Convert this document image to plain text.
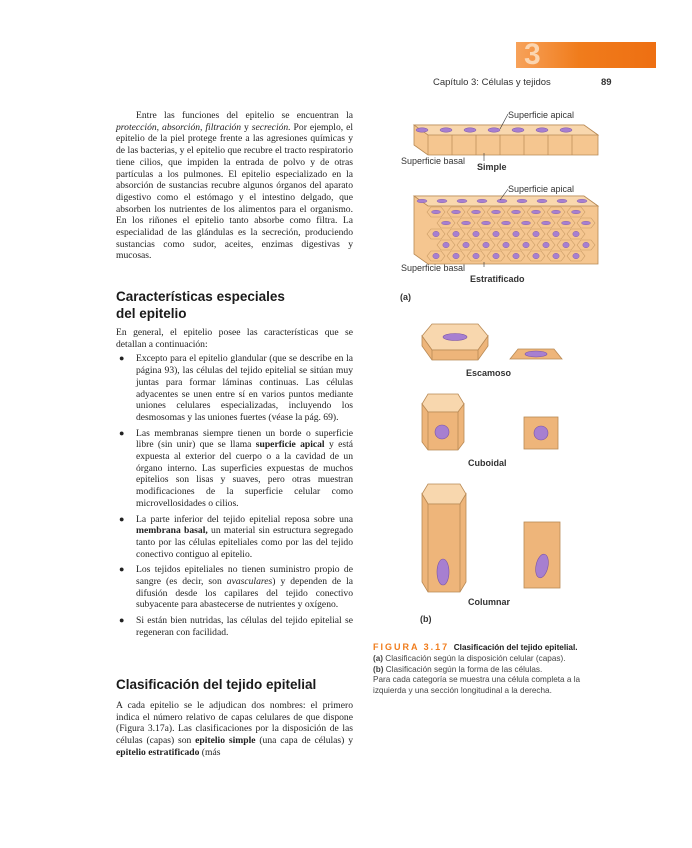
3
Capítulo 3: Células y tejidos	89

Entre las funciones del epitelio se encuentran la protección, absorción, filtración y secreción. Por ejemplo, el epitelio de la piel protege frente a las agresiones químicas y de las bacterias, y el epitelio que recubre el tracto respiratorio tiene cilios, que impiden la entrada de polvo y de otras partículas a los pulmones. El epitelio especializado en la absorción de sustancias recubre algunos órganos del aparato digestivo como el estómago y el intestino delgado, que absorben los nutrientes de los alimentos para el organismo. En los riñones el epitelio tanto absorbe como filtra. La especialidad de las glándulas es la secreción, produciendo sustancias como sudor, aceites, enzimas digestivas y mucosas.

Características especiales
del epitelio

En general, el epitelio posee las características que se detallan a continuación:

● Excepto para el epitelio glandular (que se describe en la página 93), las células del tejido epitelial se sitúan muy juntas para formar láminas continuas. Las células adyacentes se unen entre sí en varios puntos mediante uniones celulares especializadas, incluyendo los desmosomas y las uniones fuertes (véase la pág. 69).
● Las membranas siempre tienen un borde o superficie libre (sin unir) que se llama superficie apical y está expuesta al exterior del cuerpo o a la cavidad de un órgano interno. Las superficies expuestas de muchos epitelios son lisas y suaves, pero otras muestran modificaciones de la superficie celular como microvellosidades o cilios.
● La parte inferior del tejido epitelial reposa sobre una membrana basal, un material sin estructura segregado tanto por las células epiteliales como por las del tejido conectivo contiguo al epitelio.
● Los tejidos epiteliales no tienen suministro propio de sangre (es decir, son avasculares) y dependen de la difusión desde los capilares del tejido conectivo subyacente para abastecerse de nutrientes y oxígeno.
● Si están bien nutridas, las células del tejido epitelial se regeneran con facilidad.
Clasificación del tejido epitelial

A cada epitelio se le adjudican dos nombres: el primero indica el número relativo de capas celulares de que dispone (Figura 3.17a). Las clasificaciones por la disposición de las células (capas) son epitelio simple (una capa de células) y epitelio estratificado (más

Superficie apical
Superficie basal
Simple
Superficie apical
Superficie basal
Estratificado
(a)
Escamoso
Cuboidal
Columnar
(b)
FIGURA 3.17 Clasificación del tejido epitelial.
(a) Clasificación según la disposición celular (capas).
(b) Clasificación según la forma de las células.
Para cada categoría se muestra una célula completa a la izquierda y una sección longitudinal a la derecha.
